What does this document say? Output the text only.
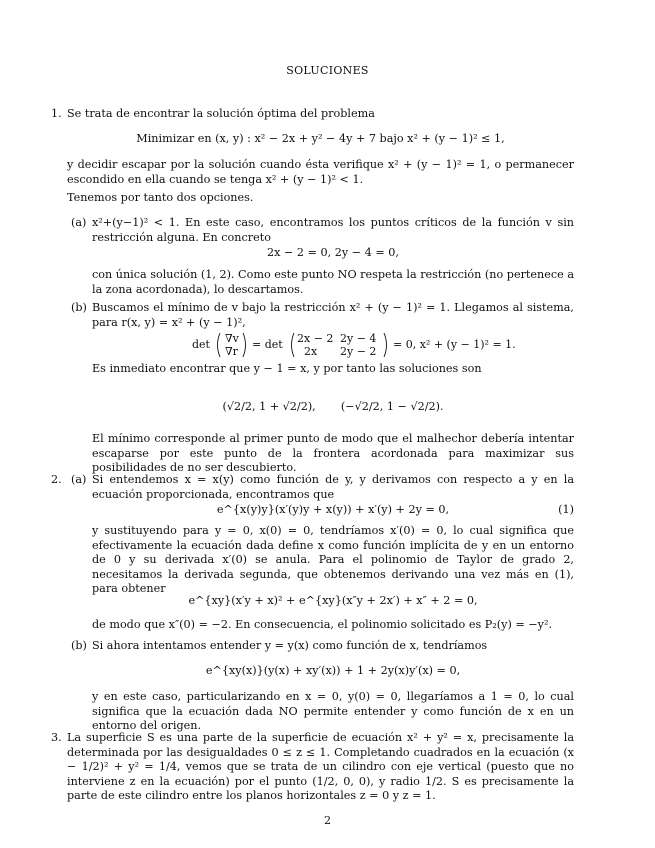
SOLUCIONES
1. Se trata de encontrar la solución óptima del problema
Minimizar en (x, y) : x² − 2x + y² − 4y + 7 bajo x² + (y − 1)² ≤ 1,
y decidir escapar por la solución cuando ésta verifique x² + (y − 1)² = 1, o permanecer escondido en ella cuando se tenga x² + (y − 1)² < 1.
Tenemos por tanto dos opciones.
(a) x²+(y−1)² < 1. En este caso, encontramos los puntos críticos de la función v sin restricción alguna. En concreto
2x − 2 = 0, 2y − 4 = 0,
con única solución (1, 2). Como este punto NO respeta la restricción (no pertenece a la zona acordonada), lo descartamos.
(b) Buscamos el mínimo de v bajo la restricción x² + (y − 1)² = 1. Llegamos al sistema, para r(x, y) = x² + (y − 1)²,
det ∇v
∇r
= det 2x − 2 2y − 4
2x 2y − 2
= 0, x² + (y − 1)² = 1.
Es inmediato encontrar que y − 1 = x, y por tanto las soluciones son
(√2/2, 1 + √2/2), (−√2/2, 1 − √2/2).
El mínimo corresponde al primer punto de modo que el malhechor debería intentar escaparse por este punto de la frontera acordonada para maximizar sus posibilidades de no ser descubierto.
2. (a) Si entendemos x = x(y) como función de y, y derivamos con respecto a y en la ecuación proporcionada, encontramos que
e^{x(y)y}(x′(y)y + x(y)) + x′(y) + 2y = 0,	(1)
y sustituyendo para y = 0, x(0) = 0, tendríamos x′(0) = 0, lo cual significa que efectivamente la ecuación dada define x como función implícita de y en un entorno de 0 y su derivada x′(0) se anula. Para el polinomio de Taylor de grado 2, necesitamos la derivada segunda, que obtenemos derivando una vez más en (1), para obtener
e^{xy}(x′y + x)² + e^{xy}(x″y + 2x′) + x″ + 2 = 0,
de modo que x″(0) = −2. En consecuencia, el polinomio solicitado es P₂(y) = −y².
(b) Si ahora intentamos entender y = y(x) como función de x, tendríamos
e^{xy(x)}(y(x) + xy′(x)) + 1 + 2y(x)y′(x) = 0,
y en este caso, particularizando en x = 0, y(0) = 0, llegaríamos a 1 = 0, lo cual significa que la ecuación dada NO permite entender y como función de x en un entorno del origen.
3. La superficie S es una parte de la superficie de ecuación x² + y² = x, precisamente la determinada por las desigualdades 0 ≤ z ≤ 1. Completando cuadrados en la ecuación (x − 1/2)² + y² = 1/4, vemos que se trata de un cilindro con eje vertical (puesto que no interviene z en la ecuación) por el punto (1/2, 0, 0), y radio 1/2. S es precisamente la parte de este cilindro entre los planos horizontales z = 0 y z = 1.
2
